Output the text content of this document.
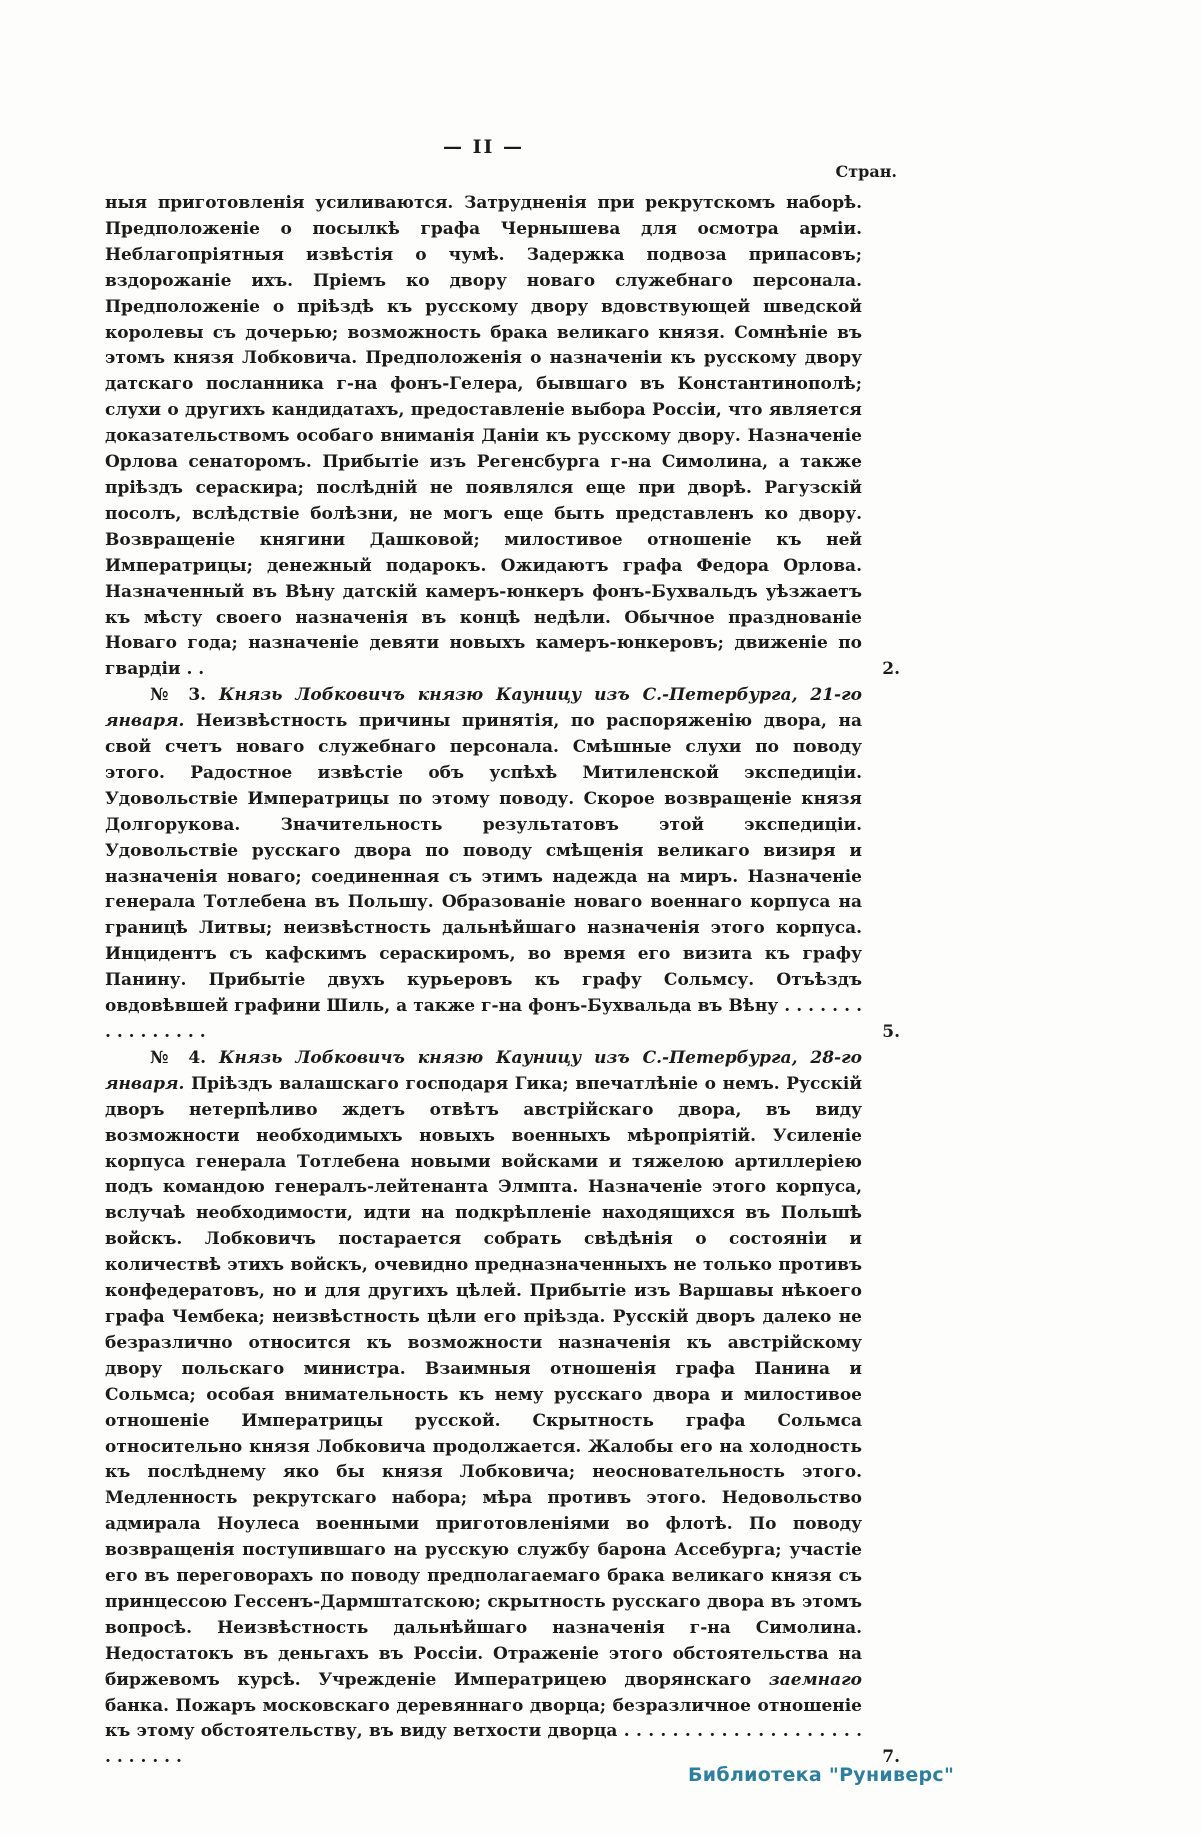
— II —
Стран.
ныя приготовленія усиливаются. Затрудненія при рекрутскомъ наборѣ. Предположеніе о посылкѣ графа Чернышева для осмотра арміи. Неблагопріятныя извѣстія о чумѣ. Задержка подвоза припасовъ; вздорожаніе ихъ. Пріемъ ко двору новаго служебнаго персонала. Предположеніе о пріѣздѣ къ русскому двору вдовствующей шведской королевы съ дочерью; возможность брака великаго князя. Сомнѣніе въ этомъ князя Лобковича. Предположенія о назначеніи къ русскому двору датскаго посланника г-на фонъ-Гелера, бывшаго въ Константинополѣ; слухи о другихъ кандидатахъ, предоставленіе выбора Россіи, что является доказательствомъ особаго вниманія Даніи къ русскому двору. Назначеніе Орлова сенаторомъ. Прибытіе изъ Регенсбурга г-на Симолина, а также пріѣздъ сераскира; послѣдній не появлялся еще при дворѣ. Рагузскій посолъ, вслѣдствіе болѣзни, не могъ еще быть представленъ ко двору. Возвращеніе княгини Дашковой; милостивое отношеніе къ ней Императрицы; денежный подарокъ. Ожидаютъ графа Федора Орлова. Назначенный въ Вѣну датскій камеръ-юнкеръ фонъ-Бухвальдъ уѣзжаетъ къ мѣсту своего назначенія въ концѣ недѣли. Обычное празднованіе Новаго года; назначеніе девяти новыхъ камеръ-юнкеровъ; движеніе по гвардіи . .	2.
№ 3. Князь Лобковичъ князю Кауницу изъ С.-Петербурга, 21-го января. Неизвѣстность причины принятія, по распоряженію двора, на свой счетъ новаго служебнаго персонала. Смѣшные слухи по поводу этого. Радостное извѣстіе объ успѣхѣ Митиленской экспедиціи. Удовольствіе Императрицы по этому поводу. Скорое возвращеніе князя Долгорукова. Значительность результатовъ этой экспедиціи. Удовольствіе русскаго двора по поводу смѣщенія великаго визиря и назначенія новаго; соединенная съ этимъ надежда на миръ. Назначеніе генерала Тотлебена въ Польшу. Образованіе новаго военнаго корпуса на границѣ Литвы; неизвѣстность дальнѣйшаго назначенія этого корпуса. Инцидентъ съ кафскимъ сераскиромъ, во время его визита къ графу Панину. Прибытіе двухъ курьеровъ къ графу Сольмсу. Отъѣздъ овдовѣвшей графини Шиль, а также г-на фонъ-Бухвальда въ Вѣну . . . . . . . . . . . . . . . .	5.
№ 4. Князь Лобковичъ князю Кауницу изъ С.-Петербурга, 28-го января. Пріѣздъ валашскаго господаря Гика; впечатлѣніе о немъ. Русскій дворъ нетерпѣливо ждетъ отвѣтъ австрійскаго двора, въ виду возможности необходимыхъ новыхъ военныхъ мѣропріятій. Усиленіе корпуса генерала Тотлебена новыми войсками и тяжелою артиллеріею подъ командою генералъ-лейтенанта Элмпта. Назначеніе этого корпуса, вслучаѣ необходимости, идти на подкрѣпленіе находящихся въ Польшѣ войскъ. Лобковичъ постарается собрать свѣдѣнія о состояніи и количествѣ этихъ войскъ, очевидно предназначенныхъ не только противъ конфедератовъ, но и для другихъ цѣлей. Прибытіе изъ Варшавы нѣкоего графа Чембека; неизвѣстность цѣли его пріѣзда. Русскій дворъ далеко не безразлично относится къ возможности назначенія къ австрійскому двору польскаго министра. Взаимныя отношенія графа Панина и Сольмса; особая внимательность къ нему русскаго двора и милостивое отношеніе Императрицы русской. Скрытность графа Сольмса относительно князя Лобковича продолжается. Жалобы его на холодность къ послѣднему яко бы князя Лобковича; неосновательность этого. Медленность рекрутскаго набора; мѣра противъ этого. Недовольство адмирала Ноулеса военными приготовленіями во флотѣ. По поводу возвращенія поступившаго на русскую службу барона Ассебурга; участіе его въ переговорахъ по поводу предполагаемаго брака великаго князя съ принцессою Гессенъ-Дармштатскою; скрытность русскаго двора въ этомъ вопросѣ. Неизвѣстность дальнѣйшаго назначенія г-на Симолина. Недостатокъ въ деньгахъ въ Россіи. Отраженіе этого обстоятельства на биржевомъ курсѣ. Учрежденіе Императрицею дворянскаго заемнаго банка. Пожаръ московскаго деревяннаго дворца; безразличное отношеніе къ этому обстоятельству, въ виду ветхости дворца . . . . . . . . . . . . . . . . . . . . . . . . . . .	7.
Библиотека "Руниверс"
